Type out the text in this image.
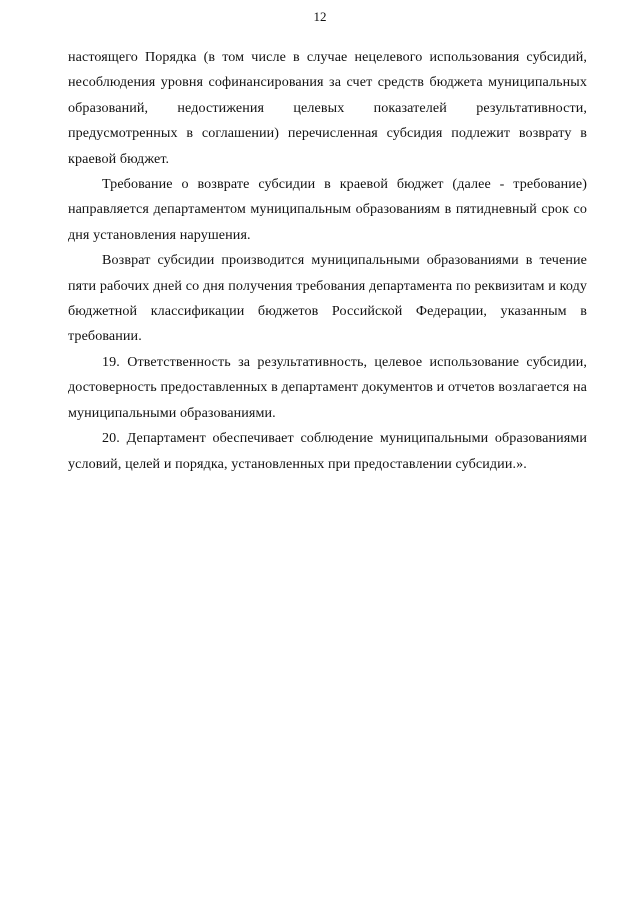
12

настоящего Порядка (в том числе в случае нецелевого использования субсидий, несоблюдения уровня софинансирования за счет средств бюджета муниципальных образований, недостижения целевых показателей результативности, предусмотренных в соглашении) перечисленная субсидия подлежит возврату в краевой бюджет.

Требование о возврате субсидии в краевой бюджет (далее - требование) направляется департаментом муниципальным образованиям в пятидневный срок со дня установления нарушения.

Возврат субсидии производится муниципальными образованиями в течение пяти рабочих дней со дня получения требования департамента по реквизитам и коду бюджетной классификации бюджетов Российской Федерации, указанным в требовании.

19. Ответственность за результативность, целевое использование субсидии, достоверность предоставленных в департамент документов и отчетов возлагается на муниципальными образованиями.

20. Департамент обеспечивает соблюдение муниципальными образованиями условий, целей и порядка, установленных при предоставлении субсидии.».
